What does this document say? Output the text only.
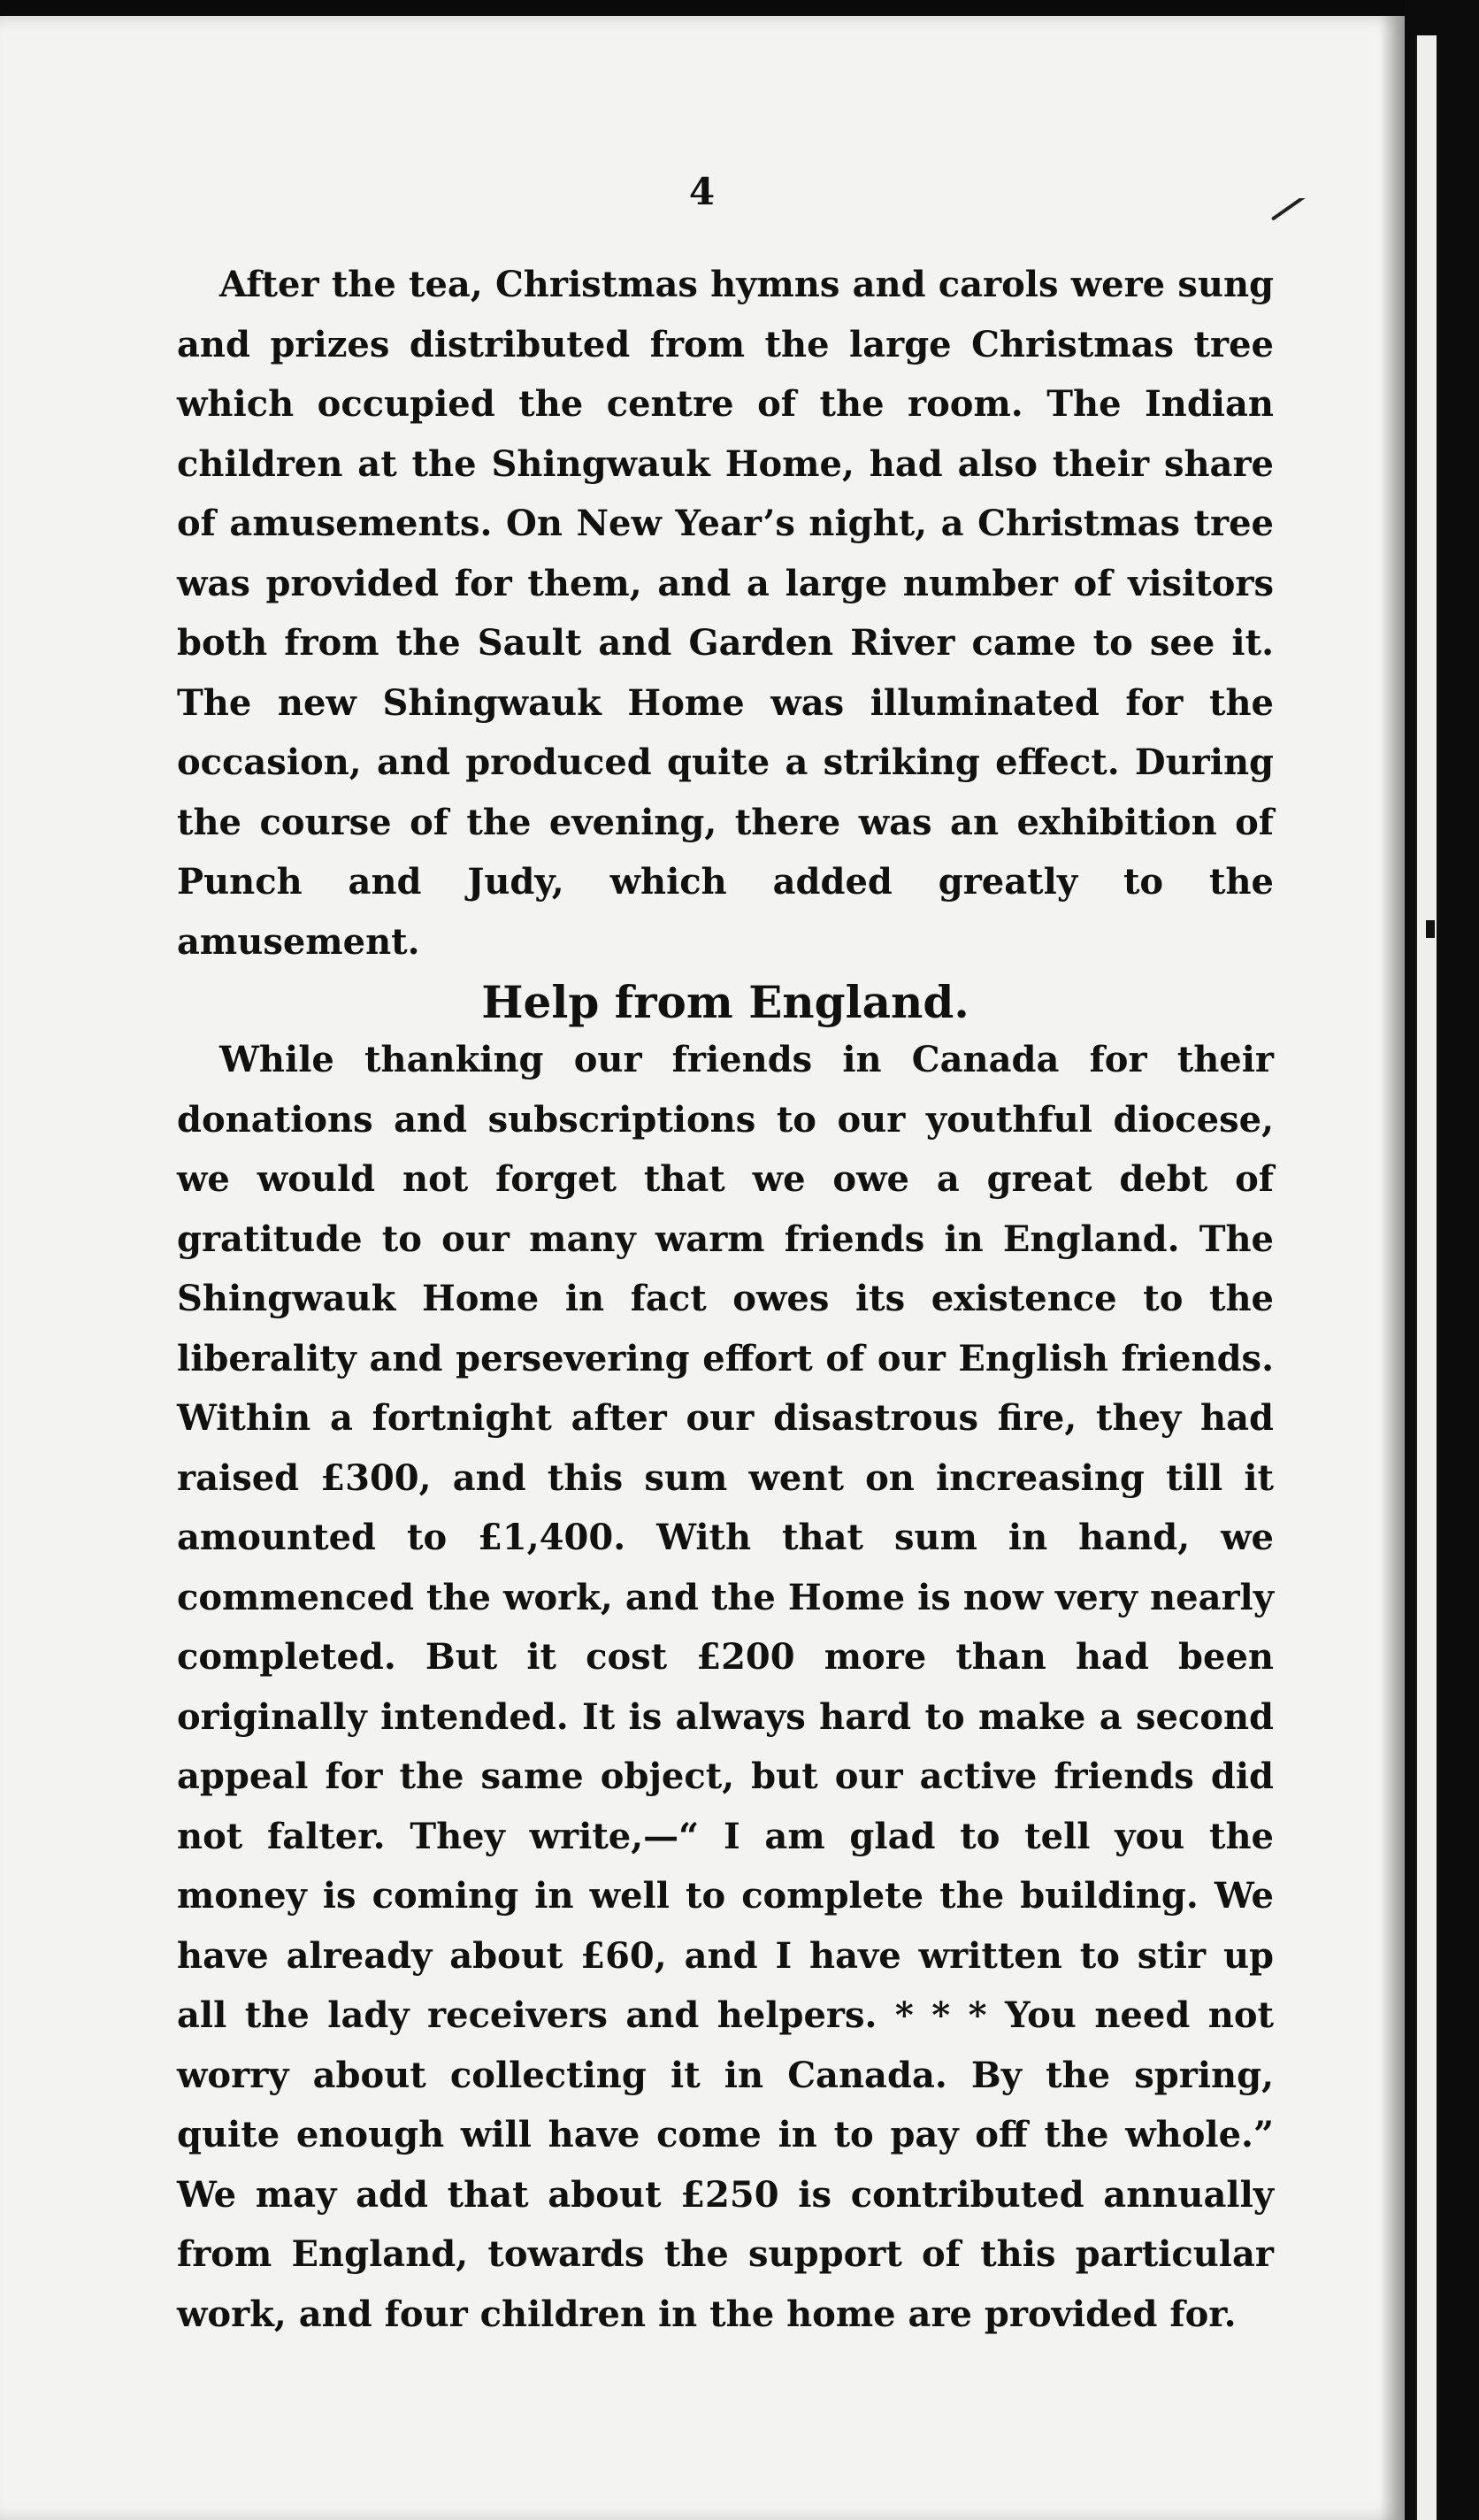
4

After the tea, Christmas hymns and carols were sung and prizes distributed from the large Christmas tree which occupied the centre of the room. The Indian children at the Shingwauk Home, had also their share of amusements. On New Year’s night, a Christmas tree was provided for them, and a large number of visitors both from the Sault and Garden River came to see it. The new Shingwauk Home was illuminated for the occasion, and produced quite a striking effect. During the course of the evening, there was an exhibition of Punch and Judy, which added greatly to the amusement.

Help from England.

While thanking our friends in Canada for their donations and subscriptions to our youthful diocese, we would not forget that we owe a great debt of gratitude to our many warm friends in England. The Shingwauk Home in fact owes its existence to the liberality and persevering effort of our English friends. Within a fortnight after our disastrous fire, they had raised £300, and this sum went on increasing till it amounted to £1,400. With that sum in hand, we commenced the work, and the Home is now very nearly completed. But it cost £200 more than had been originally intended. It is always hard to make a second appeal for the same object, but our active friends did not falter. They write,—“ I am glad to tell you the money is coming in well to complete the building. We have already about £60, and I have written to stir up all the lady receivers and helpers. * * * You need not worry about collecting it in Canada. By the spring, quite enough will have come in to pay off the whole.” We may add that about £250 is contributed annually from England, towards the support of this particular work, and four children in the home are provided for.
